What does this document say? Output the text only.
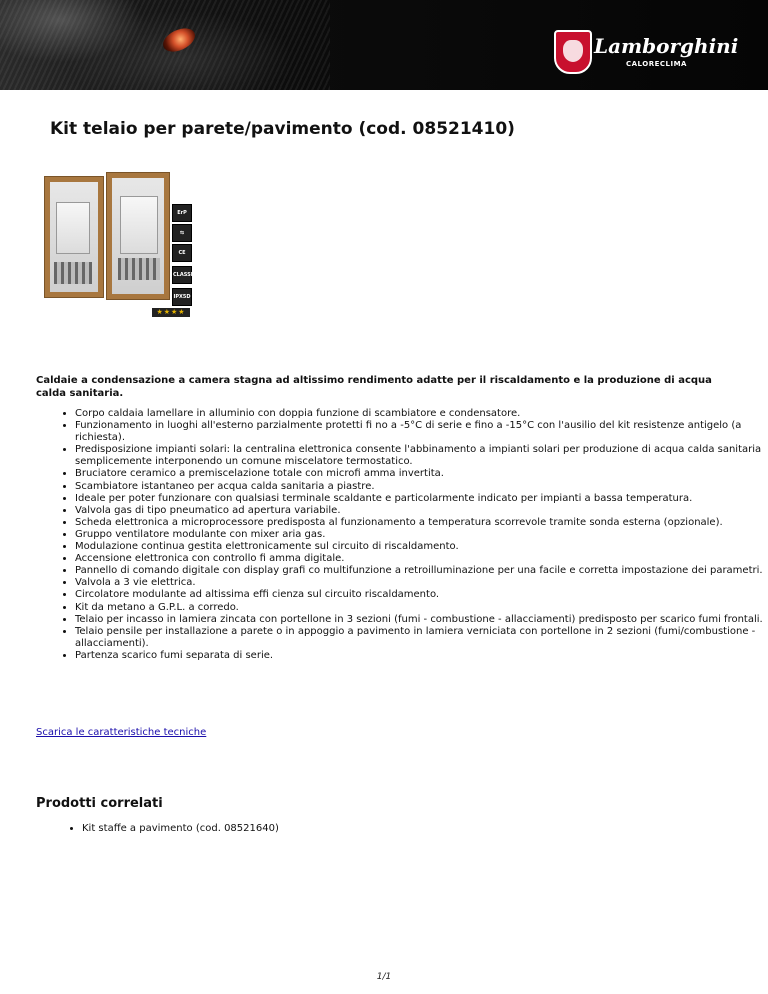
Lamborghini
CALORECLIMA
Kit telaio per parete/pavimento (cod. 08521410)
ErP
⇆
CE
CLASSE
IPX5D
★★★★

Caldaie a condensazione a camera stagna ad altissimo rendimento adatte per il riscaldamento e la produzione di acqua calda sanitaria.

• Corpo caldaia lamellare in alluminio con doppia funzione di scambiatore e condensatore.
• Funzionamento in luoghi all'esterno parzialmente protetti fi no a -5°C di serie e fino a -15°C con l'ausilio del kit resistenze antigelo (a richiesta).
• Predisposizione impianti solari: la centralina elettronica consente l'abbinamento a impianti solari per produzione di acqua calda sanitaria semplicemente interponendo un comune miscelatore termostatico.
• Bruciatore ceramico a premiscelazione totale con microfi amma invertita.
• Scambiatore istantaneo per acqua calda sanitaria a piastre.
• Ideale per poter funzionare con qualsiasi terminale scaldante e particolarmente indicato per impianti a bassa temperatura.
• Valvola gas di tipo pneumatico ad apertura variabile.
• Scheda elettronica a microprocessore predisposta al funzionamento a temperatura scorrevole tramite sonda esterna (opzionale).
• Gruppo ventilatore modulante con mixer aria gas.
• Modulazione continua gestita elettronicamente sul circuito di riscaldamento.
• Accensione elettronica con controllo fi amma digitale.
• Pannello di comando digitale con display grafi co multifunzione a retroilluminazione per una facile e corretta impostazione dei parametri.
• Valvola a 3 vie elettrica.
• Circolatore modulante ad altissima effi cienza sul circuito riscaldamento.
• Kit da metano a G.P.L. a corredo.
• Telaio per incasso in lamiera zincata con portellone in 3 sezioni (fumi - combustione - allacciamenti) predisposto per scarico fumi frontali.
• Telaio pensile per installazione a parete o in appoggio a pavimento in lamiera verniciata con portellone in 2 sezioni (fumi/combustione - allacciamenti).
• Partenza scarico fumi separata di serie.
Scarica le caratteristiche tecniche
Prodotti correlati
• Kit staffe a pavimento (cod. 08521640)
1/1
